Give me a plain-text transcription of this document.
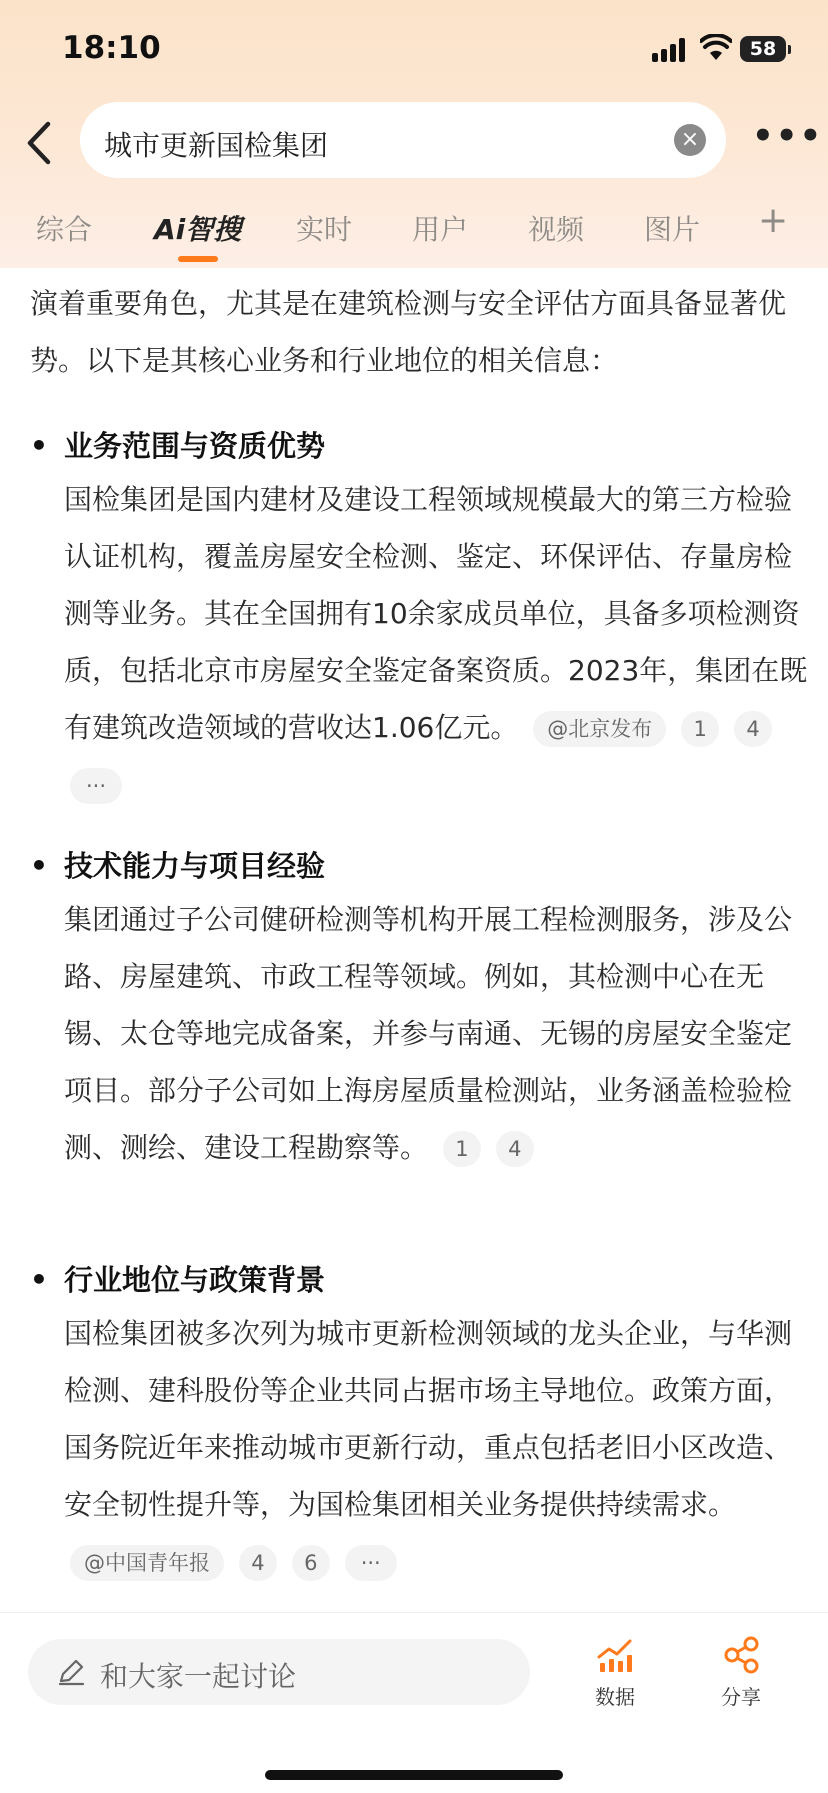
18:10	58
城市更新国检集团	× •••
综合 Ai智搜 实时 用户 视频 图片 +

演着重要角色，尤其是在建筑检测与安全评估方面具备显著优势。以下是其核心业务和行业地位的相关信息：

• 业务范围与资质优势
国检集团是国内建材及建设工程领域规模最大的第三方检验认证机构，覆盖房屋安全检测、鉴定、环保评估、存量房检测等业务。其在全国拥有10余家成员单位，具备多项检测资质，包括北京市房屋安全鉴定备案资质。2023年，集团在既有建筑改造领域的营收达1.06亿元。 @北京发布 1 4 ···
• 技术能力与项目经验
集团通过子公司健研检测等机构开展工程检测服务，涉及公路、房屋建筑、市政工程等领域。例如，其检测中心在无锡、太仓等地完成备案，并参与南通、无锡的房屋安全鉴定项目。部分子公司如上海房屋质量检测站，业务涵盖检验检测、测绘、建设工程勘察等。 1 4
• 行业地位与政策背景
国检集团被多次列为城市更新检测领域的龙头企业，与华测检测、建科股份等企业共同占据市场主导地位。政策方面，国务院近年来推动城市更新行动，重点包括老旧小区改造、安全韧性提升等，为国检集团相关业务提供持续需求。 @中国青年报 4 6 ···
和大家一起讨论
数据	分享
